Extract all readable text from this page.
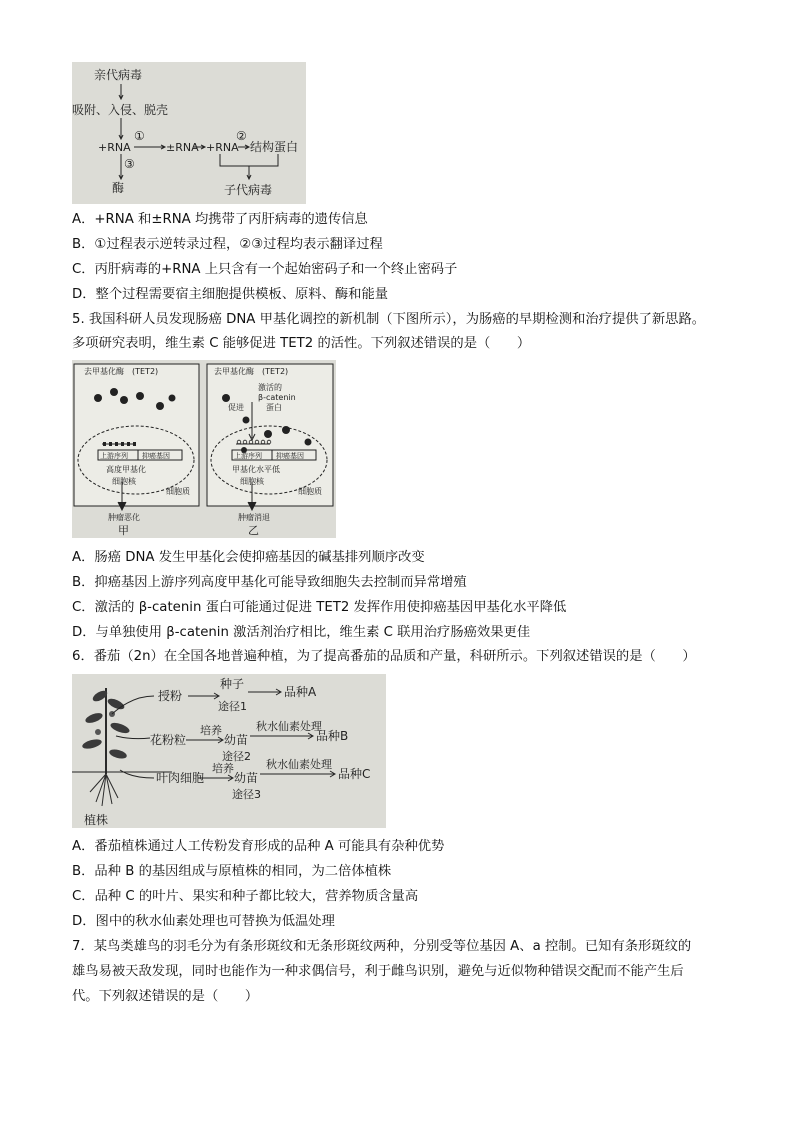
亲代病毒
吸附、入侵、脱壳
+RNA
①
±RNA +RNA
②
结构蛋白
③
酶	子代病毒
A．+RNA 和±RNA 均携带了丙肝病毒的遗传信息
B．①过程表示逆转录过程，②③过程均表示翻译过程
C．丙肝病毒的+RNA 上只含有一个起始密码子和一个终止密码子
D．整个过程需要宿主细胞提供模板、原料、酶和能量
5. 我国科研人员发现肠癌 DNA 甲基化调控的新机制（下图所示），为肠癌的早期检测和治疗提供了新思路。
多项研究表明，维生素 C 能够促进 TET2 的活性。下列叙述错误的是（　　）
去甲基化酶　(TET2)
上游序列 抑癌基因
高度甲基化
细胞核
细胞质
肿瘤恶化
甲
去甲基化酶　(TET2)
促进
激活的
β-catenin
蛋白
上游序列 抑癌基因
甲基化水平低
细胞核
细胞质
肿瘤消退
乙
A．肠癌 DNA 发生甲基化会使抑癌基因的碱基排列顺序改变
B．抑癌基因上游序列高度甲基化可能导致细胞失去控制而异常增殖
C．激活的 β-catenin 蛋白可能通过促进 TET2 发挥作用使抑癌基因甲基化水平降低
D．与单独使用 β-catenin 激活剂治疗相比，维生素 C 联用治疗肠癌效果更佳
6．番茄（2n）在全国各地普遍种植，为了提高番茄的品质和产量，科研所示。下列叙述错误的是（　　）
授粉
种子
途径1
品种A
花粉粒
培养
幼苗
途径2
秋水仙素处理
品种B
叶肉细胞
培养
幼苗
途径3
秋水仙素处理
品种C
植株
A．番茄植株通过人工传粉发育形成的品种 A 可能具有杂种优势
B．品种 B 的基因组成与原植株的相同，为二倍体植株
C．品种 C 的叶片、果实和种子都比较大，营养物质含量高
D．图中的秋水仙素处理也可替换为低温处理
7．某鸟类雄鸟的羽毛分为有条形斑纹和无条形斑纹两种，分别受等位基因 A、a 控制。已知有条形斑纹的
雄鸟易被天敌发现，同时也能作为一种求偶信号，利于雌鸟识别，避免与近似物种错误交配而不能产生后
代。下列叙述错误的是（　　）
